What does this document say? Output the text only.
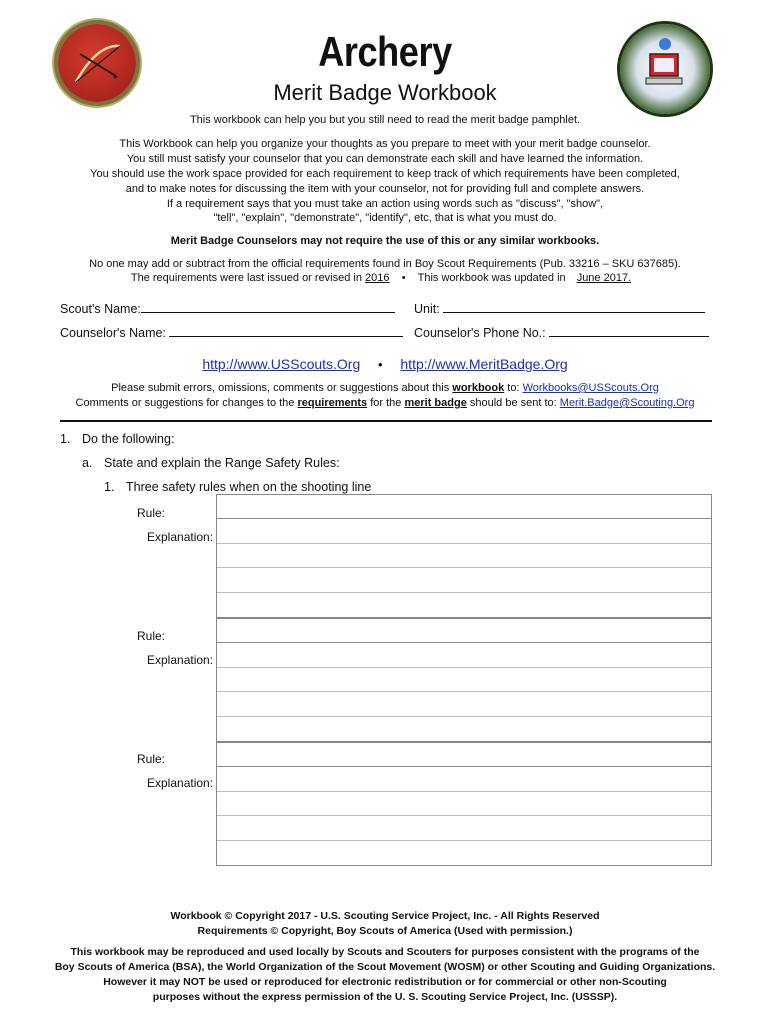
Archery
Merit Badge Workbook
This workbook can help you but you still need to read the merit badge pamphlet.
This Workbook can help you organize your thoughts as you prepare to meet with your merit badge counselor.
You still must satisfy your counselor that you can demonstrate each skill and have learned the information.
You should use the work space provided for each requirement to keep track of which requirements have been completed,
and to make notes for discussing the item with your counselor, not for providing full and complete answers.
If a requirement says that you must take an action using words such as "discuss", "show",
"tell", "explain", "demonstrate", "identify", etc, that is what you must do.
Merit Badge Counselors may not require the use of this or any similar workbooks.
No one may add or subtract from the official requirements found in Boy Scout Requirements (Pub. 33216 – SKU 637685).
The requirements were last issued or revised in 2016 • This workbook was updated in June 2017.
Scout's Name:	Unit:
Counselor's Name:	Counselor's Phone No.:
http://www.USScouts.Org • http://www.MeritBadge.Org
Please submit errors, omissions, comments or suggestions about this workbook to: Workbooks@USScouts.Org
Comments or suggestions for changes to the requirements for the merit badge should be sent to: Merit.Badge@Scouting.Org
1. Do the following:
a. State and explain the Range Safety Rules:
1. Three safety rules when on the shooting line
Rule:
Explanation:
Rule:
Explanation:
Rule:
Explanation:
Workbook © Copyright 2017 - U.S. Scouting Service Project, Inc. - All Rights Reserved
Requirements © Copyright, Boy Scouts of America (Used with permission.)
This workbook may be reproduced and used locally by Scouts and Scouters for purposes consistent with the programs of the
Boy Scouts of America (BSA), the World Organization of the Scout Movement (WOSM) or other Scouting and Guiding Organizations.
However it may NOT be used or reproduced for electronic redistribution or for commercial or other non-Scouting
purposes without the express permission of the U. S. Scouting Service Project, Inc. (USSSP).
